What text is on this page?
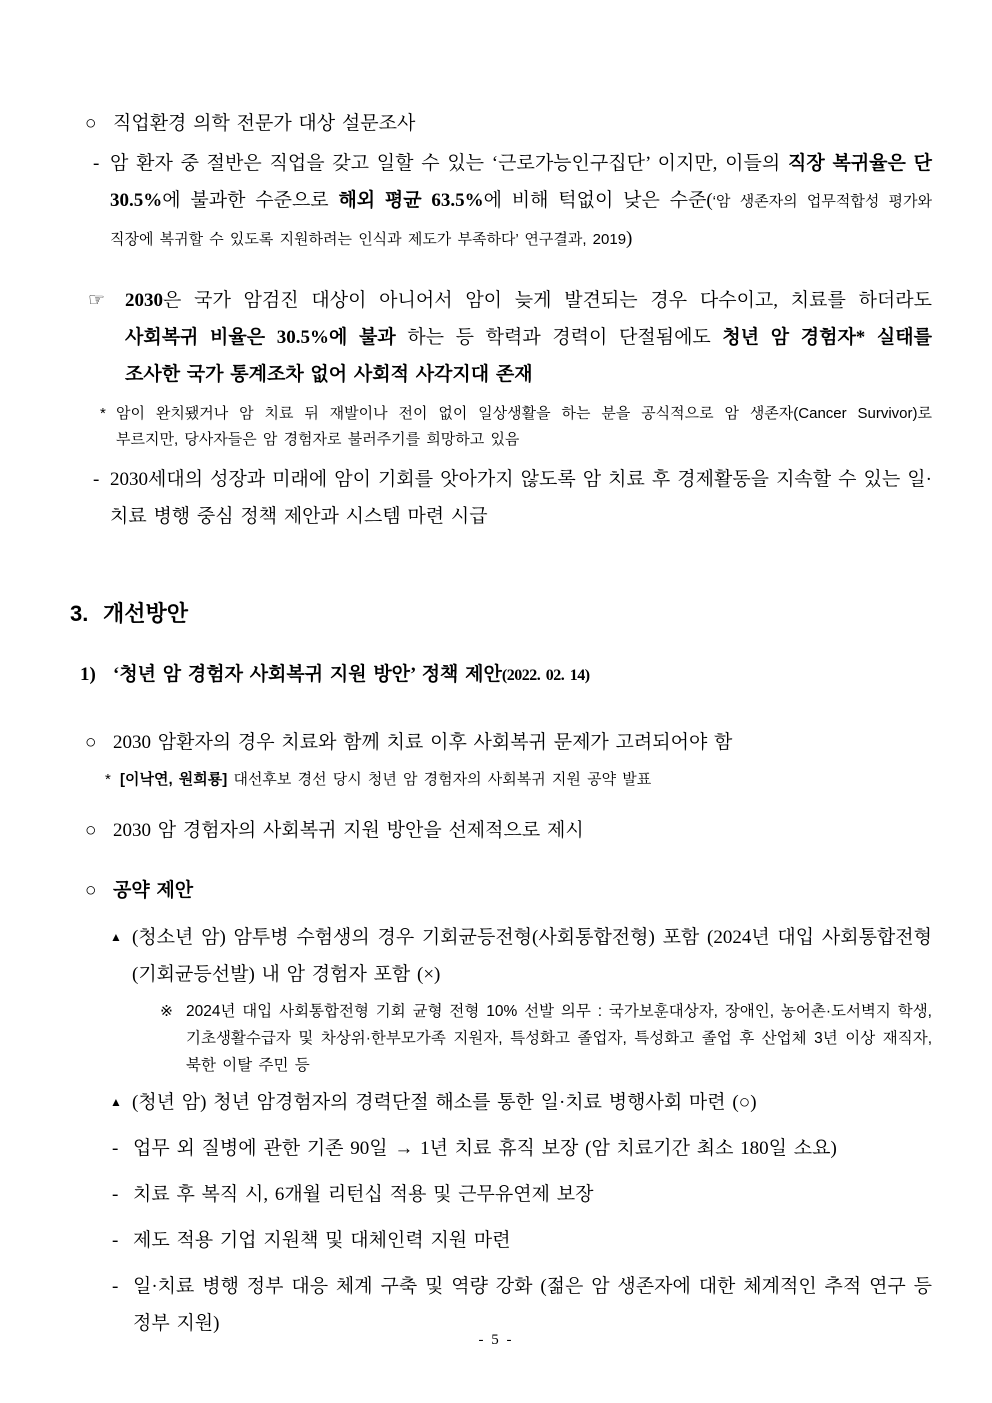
○ 직업환경 의학 전문가 대상 설문조사

- 암 환자 중 절반은 직업을 갖고 일할 수 있는 ‘근로가능인구집단’ 이지만, 이들의 직장 복귀율은 단 30.5%에 불과한 수준으로 해외 평균 63.5%에 비해 턱없이 낮은 수준(‘암 생존자의 업무적합성 평가와 직장에 복귀할 수 있도록 지원하려는 인식과 제도가 부족하다’ 연구결과, 2019)

☞ 2030은 국가 암검진 대상이 아니어서 암이 늦게 발견되는 경우 다수이고, 치료를 하더라도 사회복귀 비율은 30.5%에 불과 하는 등 학력과 경력이 단절됨에도 청년 암 경험자* 실태를 조사한 국가 통계조차 없어 사회적 사각지대 존재

* 암이 완치됐거나 암 치료 뒤 재발이나 전이 없이 일상생활을 하는 분을 공식적으로 암 생존자(Cancer Survivor)로 부르지만, 당사자들은 암 경험자로 불러주기를 희망하고 있음

- 2030세대의 성장과 미래에 암이 기회를 앗아가지 않도록 암 치료 후 경제활동을 지속할 수 있는 일·치료 병행 중심 정책 제안과 시스템 마련 시급

3. 개선방안

1) ‘청년 암 경험자 사회복귀 지원 방안’ 정책 제안(2022. 02. 14)

○ 2030 암환자의 경우 치료와 함께 치료 이후 사회복귀 문제가 고려되어야 함

* [이낙연, 원희룡] 대선후보 경선 당시 청년 암 경험자의 사회복귀 지원 공약 발표

○ 2030 암 경험자의 사회복귀 지원 방안을 선제적으로 제시

○ 공약 제안

▲ (청소년 암) 암투병 수험생의 경우 기회균등전형(사회통합전형) 포함 (2024년 대입 사회통합전형(기회균등선발) 내 암 경험자 포함 (×)

※ 2024년 대입 사회통합전형 기회 균형 전형 10% 선발 의무 : 국가보훈대상자, 장애인, 농어촌·도서벽지 학생, 기초생활수급자 및 차상위·한부모가족 지원자, 특성화고 졸업자, 특성화고 졸업 후 산업체 3년 이상 재직자, 북한 이탈 주민 등

▲ (청년 암) 청년 암경험자의 경력단절 해소를 통한 일·치료 병행사회 마련 (○)

- 업무 외 질병에 관한 기존 90일 → 1년 치료 휴직 보장 (암 치료기간 최소 180일 소요)

- 치료 후 복직 시, 6개월 리턴십 적용 및 근무유연제 보장

- 제도 적용 기업 지원책 및 대체인력 지원 마련

- 일·치료 병행 정부 대응 체계 구축 및 역량 강화 (젊은 암 생존자에 대한 체계적인 추적 연구 등 정부 지원)

- 5 -
